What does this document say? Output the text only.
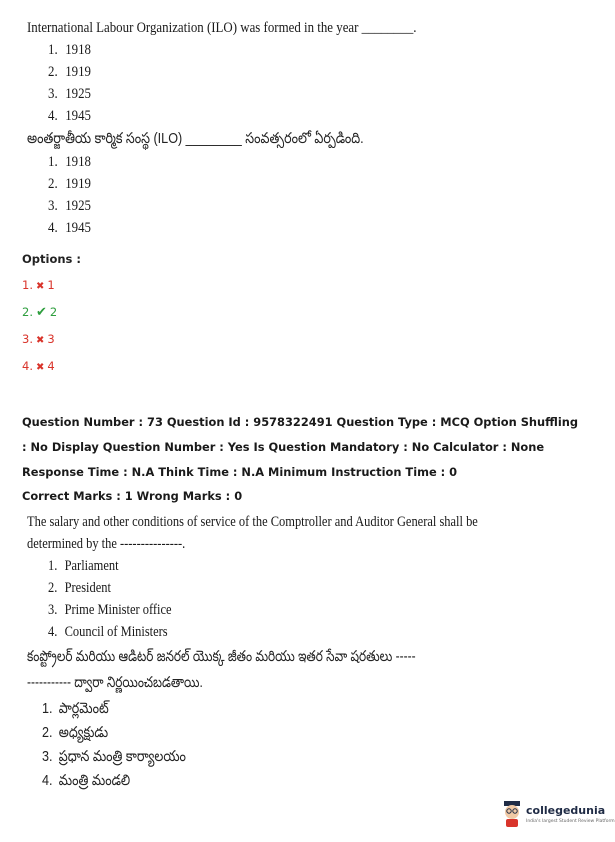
International Labour Organization (ILO) was formed in the year ________.
1. 1918
2. 1919
3. 1925
4. 1945
అంతర్జాతీయ కార్మిక సంస్థ (ILO) ________ సంవత్సరంలో ఏర్పడింది.
1. 1918
2. 1919
3. 1925
4. 1945
Options :
1. ✖ 1
2. ✔ 2
3. ✖ 3
4. ✖ 4
Question Number : 73 Question Id : 9578322491 Question Type : MCQ Option Shuffling : No Display Question Number : Yes Is Question Mandatory : No Calculator : None Response Time : N.A Think Time : N.A Minimum Instruction Time : 0
Correct Marks : 1 Wrong Marks : 0
The salary and other conditions of service of the Comptroller and Auditor General shall be
determined by the ---------------.
1. Parliament
2. President
3. Prime Minister office
4. Council of Ministers
కంప్ట్రోలర్ మరియు ఆడిటర్ జనరల్ యొక్క జీతం మరియు ఇతర సేవా షరతులు -----
----------- ద్వారా నిర్ణయించబడతాయి.
1. పార్లమెంట్
2. అధ్యక్షుడు
3. ప్రధాన మంత్రి కార్యాలయం
4. మంత్రి మండలి
collegedunia
India's largest Student Review Platform
